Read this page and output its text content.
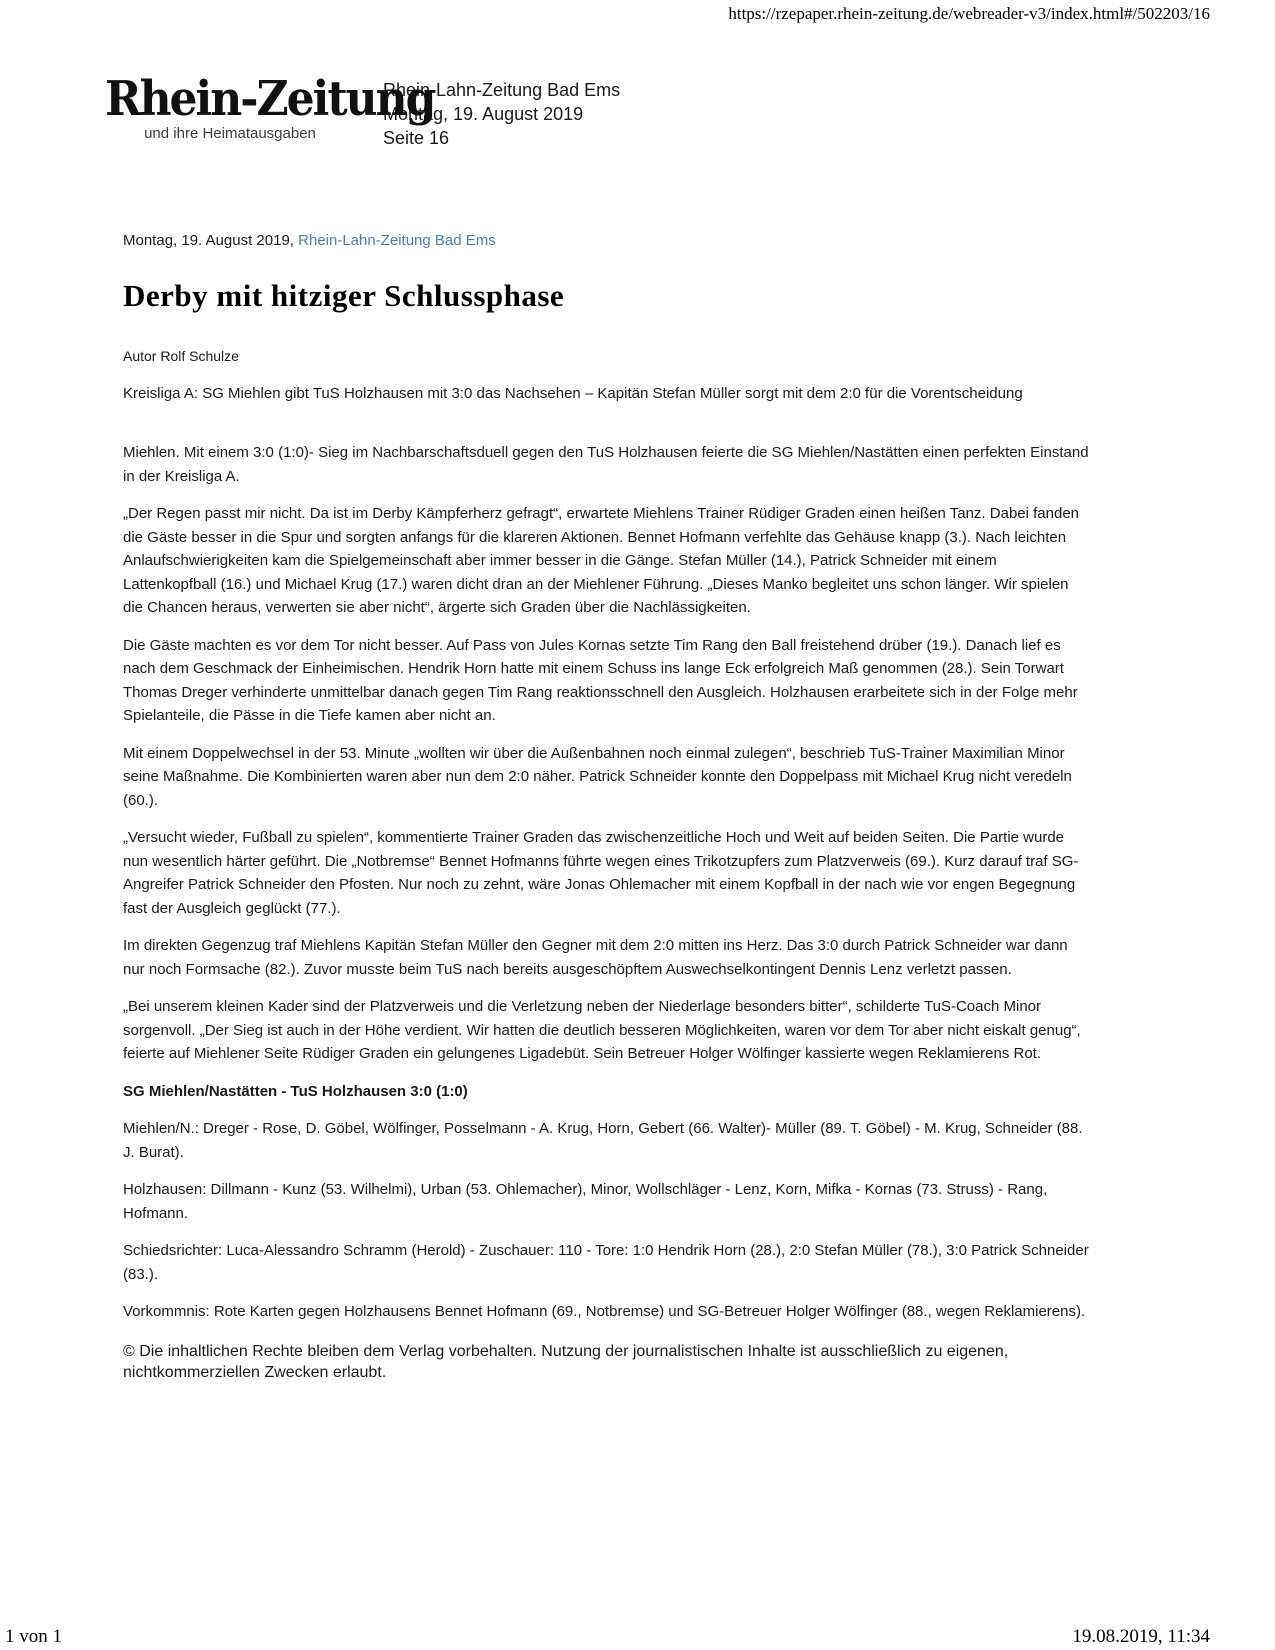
https://rzepaper.rhein-zeitung.de/webreader-v3/index.html#/502203/16
Rhein-Zeitung
und ihre Heimatausgaben
Rhein-Lahn-Zeitung Bad Ems
Montag, 19. August 2019
Seite 16
Montag, 19. August 2019, Rhein-Lahn-Zeitung Bad Ems
Derby mit hitziger Schlussphase
Autor Rolf Schulze
Kreisliga A: SG Miehlen gibt TuS Holzhausen mit 3:0 das Nachsehen – Kapitän Stefan Müller sorgt mit dem 2:0 für die Vorentscheidung

Miehlen. Mit einem 3:0 (1:0)- Sieg im Nachbarschaftsduell gegen den TuS Holzhausen feierte die SG Miehlen/Nastätten einen perfekten Einstand in der Kreisliga A.

„Der Regen passt mir nicht. Da ist im Derby Kämpferherz gefragt“, erwartete Miehlens Trainer Rüdiger Graden einen heißen Tanz. Dabei fanden die Gäste besser in die Spur und sorgten anfangs für die klareren Aktionen. Bennet Hofmann verfehlte das Gehäuse knapp (3.). Nach leichten Anlaufschwierigkeiten kam die Spielgemeinschaft aber immer besser in die Gänge. Stefan Müller (14.), Patrick Schneider mit einem Lattenkopfball (16.) und Michael Krug (17.) waren dicht dran an der Miehlener Führung. „Dieses Manko begleitet uns schon länger. Wir spielen die Chancen heraus, verwerten sie aber nicht“, ärgerte sich Graden über die Nachlässigkeiten.

Die Gäste machten es vor dem Tor nicht besser. Auf Pass von Jules Kornas setzte Tim Rang den Ball freistehend drüber (19.). Danach lief es nach dem Geschmack der Einheimischen. Hendrik Horn hatte mit einem Schuss ins lange Eck erfolgreich Maß genommen (28.). Sein Torwart Thomas Dreger verhinderte unmittelbar danach gegen Tim Rang reaktionsschnell den Ausgleich. Holzhausen erarbeitete sich in der Folge mehr Spielanteile, die Pässe in die Tiefe kamen aber nicht an.

Mit einem Doppelwechsel in der 53. Minute „wollten wir über die Außenbahnen noch einmal zulegen“, beschrieb TuS-Trainer Maximilian Minor seine Maßnahme. Die Kombinierten waren aber nun dem 2:0 näher. Patrick Schneider konnte den Doppelpass mit Michael Krug nicht veredeln (60.).

„Versucht wieder, Fußball zu spielen“, kommentierte Trainer Graden das zwischenzeitliche Hoch und Weit auf beiden Seiten. Die Partie wurde nun wesentlich härter geführt. Die „Notbremse“ Bennet Hofmanns führte wegen eines Trikotzupfers zum Platzverweis (69.). Kurz darauf traf SG-Angreifer Patrick Schneider den Pfosten. Nur noch zu zehnt, wäre Jonas Ohlemacher mit einem Kopfball in der nach wie vor engen Begegnung fast der Ausgleich geglückt (77.).

Im direkten Gegenzug traf Miehlens Kapitän Stefan Müller den Gegner mit dem 2:0 mitten ins Herz. Das 3:0 durch Patrick Schneider war dann nur noch Formsache (82.). Zuvor musste beim TuS nach bereits ausgeschöpftem Auswechselkontingent Dennis Lenz verletzt passen.

„Bei unserem kleinen Kader sind der Platzverweis und die Verletzung neben der Niederlage besonders bitter“, schilderte TuS-Coach Minor sorgenvoll. „Der Sieg ist auch in der Höhe verdient. Wir hatten die deutlich besseren Möglichkeiten, waren vor dem Tor aber nicht eiskalt genug“, feierte auf Miehlener Seite Rüdiger Graden ein gelungenes Ligadebüt. Sein Betreuer Holger Wölfinger kassierte wegen Reklamierens Rot.

SG Miehlen/Nastätten - TuS Holzhausen 3:0 (1:0)

Miehlen/N.: Dreger - Rose, D. Göbel, Wölfinger, Posselmann - A. Krug, Horn, Gebert (66. Walter)- Müller (89. T. Göbel) - M. Krug, Schneider (88. J. Burat).

Holzhausen: Dillmann - Kunz (53. Wilhelmi), Urban (53. Ohlemacher), Minor, Wollschläger - Lenz, Korn, Mifka - Kornas (73. Struss) - Rang, Hofmann.

Schiedsrichter: Luca-Alessandro Schramm (Herold) - Zuschauer: 110 - Tore: 1:0 Hendrik Horn (28.), 2:0 Stefan Müller (78.), 3:0 Patrick Schneider (83.).

Vorkommnis: Rote Karten gegen Holzhausens Bennet Hofmann (69., Notbremse) und SG-Betreuer Holger Wölfinger (88., wegen Reklamierens).

© Die inhaltlichen Rechte bleiben dem Verlag vorbehalten. Nutzung der journalistischen Inhalte ist ausschließlich zu eigenen, nichtkommerziellen Zwecken erlaubt.
1 von 1	19.08.2019, 11:34
